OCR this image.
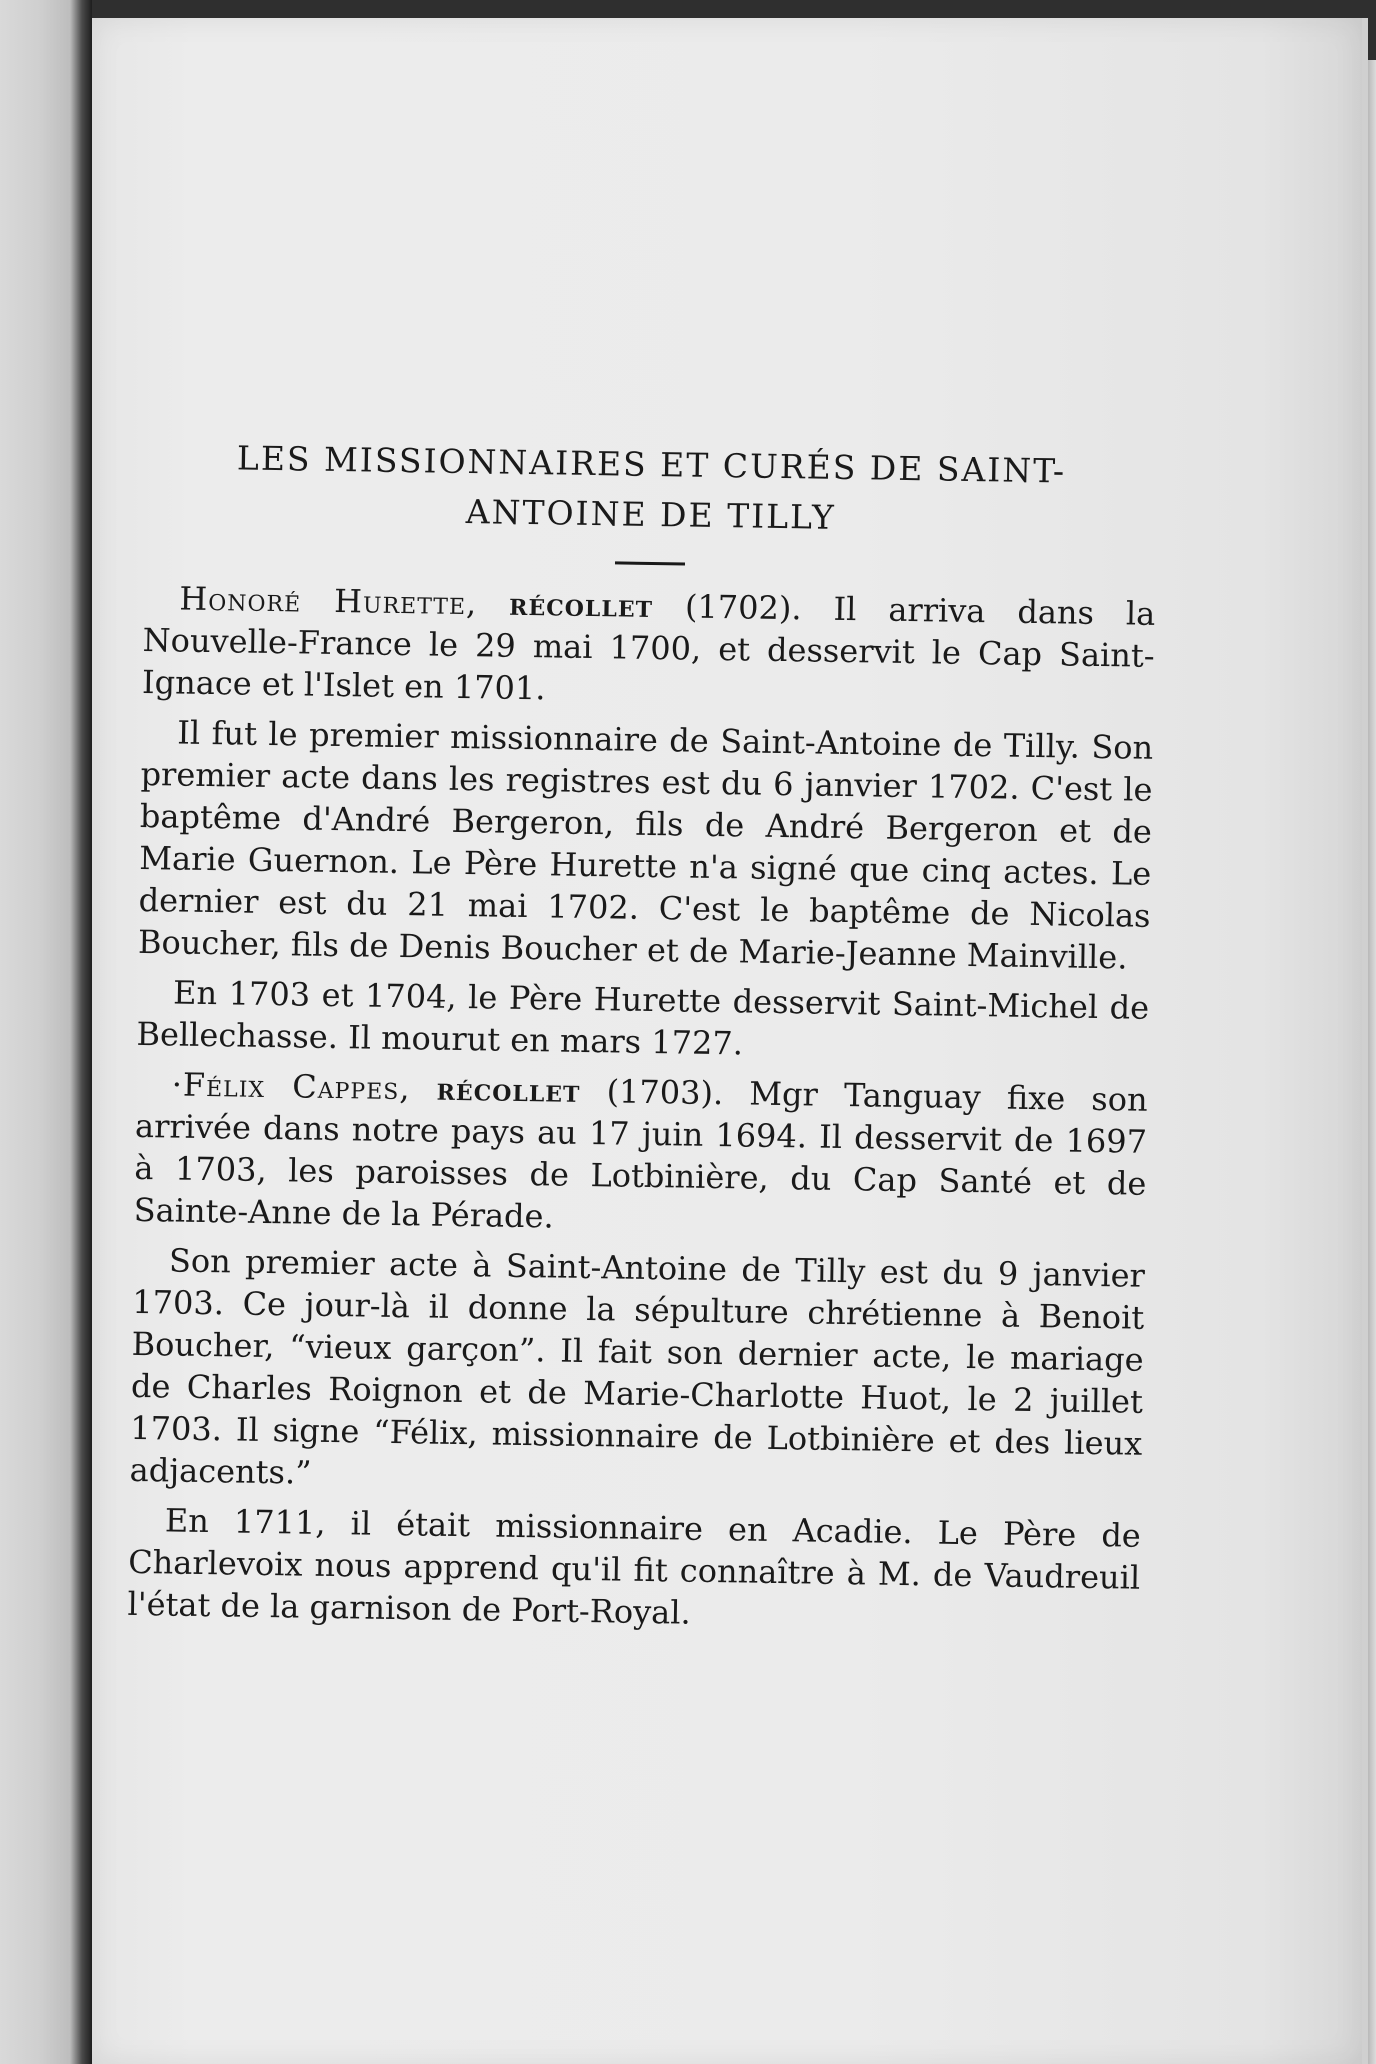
LES MISSIONNAIRES ET CURÉS DE SAINT-
ANTOINE DE TILLY

Honoré Hurette, récollet (1702). Il arriva dans la Nouvelle-France le 29 mai 1700, et desservit le Cap Saint-Ignace et l'Islet en 1701.

Il fut le premier missionnaire de Saint-Antoine de Tilly. Son premier acte dans les registres est du 6 janvier 1702. C'est le baptême d'André Bergeron, fils de André Bergeron et de Marie Guernon. Le Père Hurette n'a signé que cinq actes. Le dernier est du 21 mai 1702. C'est le baptême de Nicolas Boucher, fils de Denis Boucher et de Marie-Jeanne Mainville.

En 1703 et 1704, le Père Hurette desservit Saint-Michel de Bellechasse. Il mourut en mars 1727.

·Félix Cappes, récollet (1703). Mgr Tanguay fixe son arrivée dans notre pays au 17 juin 1694. Il desservit de 1697 à 1703, les paroisses de Lotbinière, du Cap Santé et de Sainte-Anne de la Pérade.

Son premier acte à Saint-Antoine de Tilly est du 9 janvier 1703. Ce jour-là il donne la sépulture chrétienne à Benoit Boucher, “vieux garçon”. Il fait son dernier acte, le mariage de Charles Roignon et de Marie-Charlotte Huot, le 2 juillet 1703. Il signe “Félix, missionnaire de Lotbinière et des lieux adjacents.”

En 1711, il était missionnaire en Acadie. Le Père de Charlevoix nous apprend qu'il fit connaître à M. de Vaudreuil l'état de la garnison de Port-Royal.
